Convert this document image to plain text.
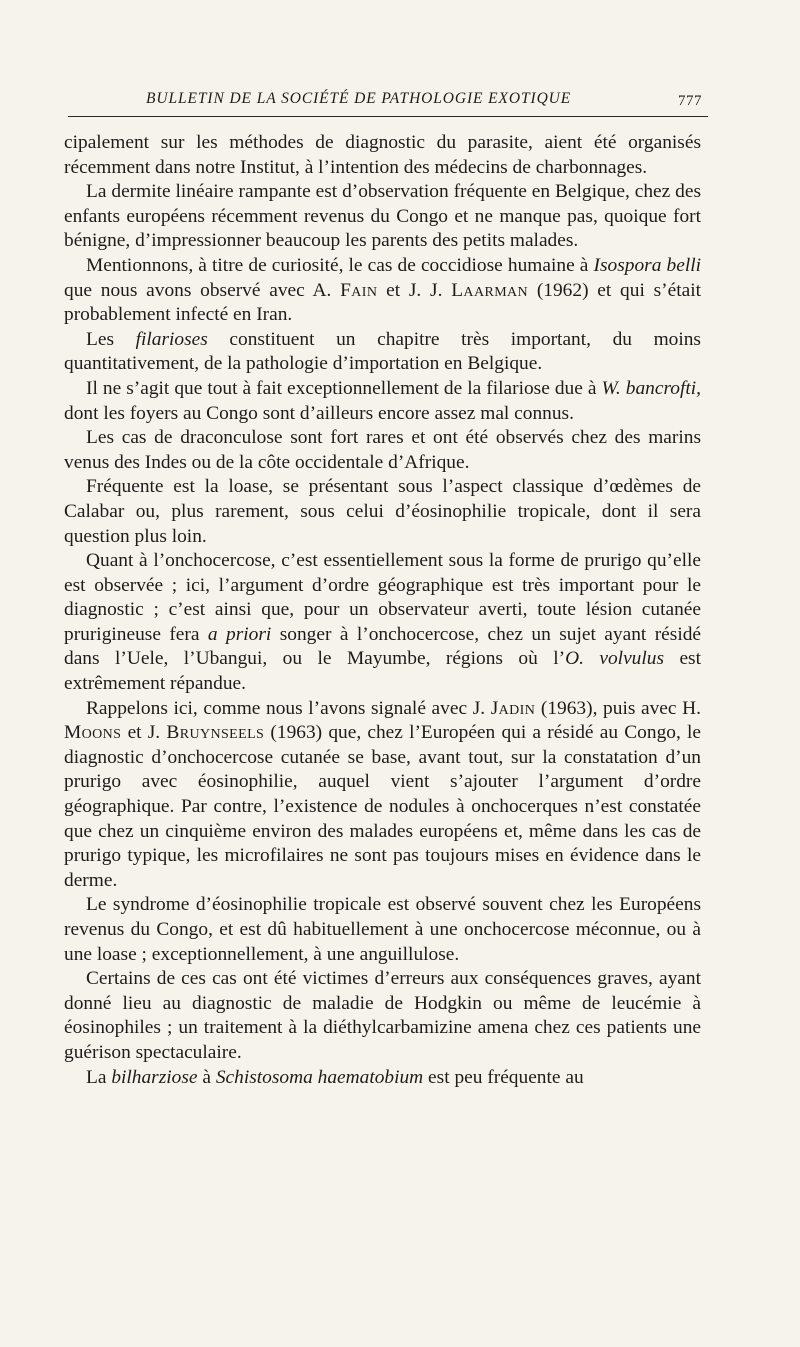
BULLETIN DE LA SOCIÉTÉ DE PATHOLOGIE EXOTIQUE	777

cipalement sur les méthodes de diagnostic du parasite, aient été organisés récemment dans notre Institut, à l’intention des médecins de charbonnages.

La dermite linéaire rampante est d’observation fréquente en Belgique, chez des enfants européens récemment revenus du Congo et ne manque pas, quoique fort bénigne, d’impressionner beaucoup les parents des petits malades.

Mentionnons, à titre de curiosité, le cas de coccidiose humaine à Isospora belli que nous avons observé avec A. Fain et J. J. Laarman (1962) et qui s’était probablement infecté en Iran.

Les filarioses constituent un chapitre très important, du moins quantitativement, de la pathologie d’importation en Belgique.

Il ne s’agit que tout à fait exceptionnellement de la filariose due à W. bancrofti, dont les foyers au Congo sont d’ailleurs encore assez mal connus.

Les cas de draconculose sont fort rares et ont été observés chez des marins venus des Indes ou de la côte occidentale d’Afrique.

Fréquente est la loase, se présentant sous l’aspect classique d’œdèmes de Calabar ou, plus rarement, sous celui d’éosinophilie tropicale, dont il sera question plus loin.

Quant à l’onchocercose, c’est essentiellement sous la forme de prurigo qu’elle est observée ; ici, l’argument d’ordre géographique est très important pour le diagnostic ; c’est ainsi que, pour un observateur averti, toute lésion cutanée prurigineuse fera a priori songer à l’onchocercose, chez un sujet ayant résidé dans l’Uele, l’Ubangui, ou le Mayumbe, régions où l’O. volvulus est extrêmement répandue.

Rappelons ici, comme nous l’avons signalé avec J. Jadin (1963), puis avec H. Moons et J. Bruynseels (1963) que, chez l’Européen qui a résidé au Congo, le diagnostic d’onchocercose cutanée se base, avant tout, sur la constatation d’un prurigo avec éosinophilie, auquel vient s’ajouter l’argument d’ordre géographique. Par contre, l’existence de nodules à onchocerques n’est constatée que chez un cinquième environ des malades européens et, même dans les cas de prurigo typique, les microfilaires ne sont pas toujours mises en évidence dans le derme.

Le syndrome d’éosinophilie tropicale est observé souvent chez les Européens revenus du Congo, et est dû habituellement à une onchocercose méconnue, ou à une loase ; exceptionnellement, à une anguillulose.

Certains de ces cas ont été victimes d’erreurs aux conséquences graves, ayant donné lieu au diagnostic de maladie de Hodgkin ou même de leucémie à éosinophiles ; un traitement à la diéthylcarbamizine amena chez ces patients une guérison spectaculaire.

La bilharziose à Schistosoma haematobium est peu fréquente au
